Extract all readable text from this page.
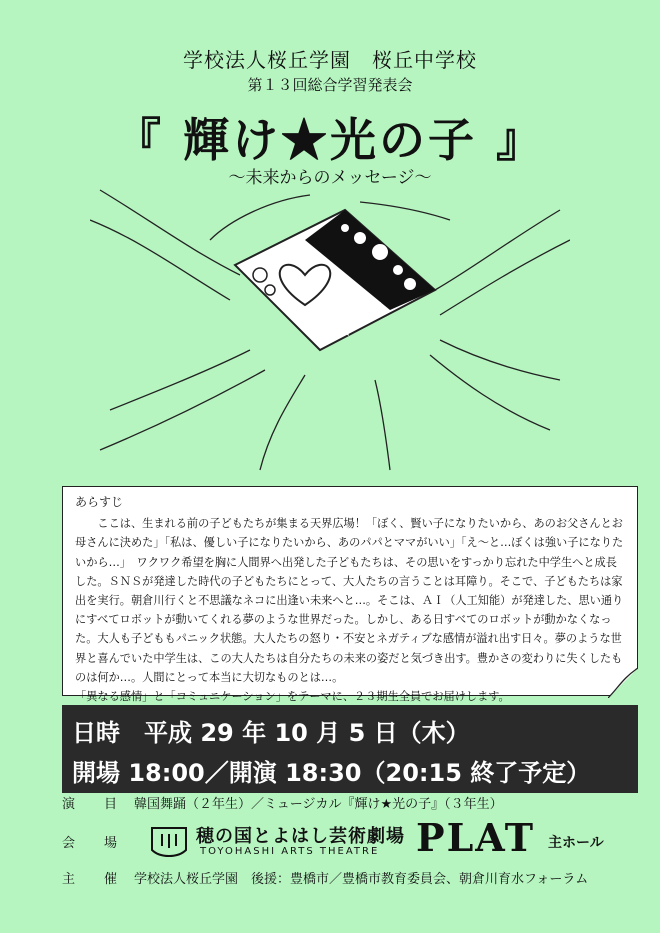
学校法人桜丘学園　桜丘中学校
第１３回総合学習発表会
『 輝け★光の子 』
～未来からのメッセージ～

あらすじ

ここは、生まれる前の子どもたちが集まる天界広場！「ぼく、賢い子になりたいから、あのお父さんとお母さんに決めた」「私は、優しい子になりたいから、あのパパとママがいい」「え～と…ぼくは強い子になりたいから…」　ワクワク希望を胸に人間界へ出発した子どもたちは、その思いをすっかり忘れた中学生へと成長した。ＳＮＳが発達した時代の子どもたちにとって、大人たちの言うことは耳障り。そこで、子どもたちは家出を実行。朝倉川行くと不思議なネコに出逢い未来へと…。そこは、ＡＩ（人工知能）が発達した、思い通りにすべてロボットが動いてくれる夢のような世界だった。しかし、ある日すべてのロボットが動かなくなった。大人も子どももパニック状態。大人たちの怒り・不安とネガティブな感情が溢れ出す日々。夢のような世界と喜んでいた中学生は、この大人たちは自分たちの未来の姿だと気づき出す。豊かさの変わりに失くしたものは何か…。人間にとって本当に大切なものとは…。

「異なる感情」と「コミュニケーション」をテーマに、２３期生全員でお届けします。

日時　平成 29 年 10 月 5 日（木）
開場 18:00／開演 18:30（20:15 終了予定）
演　目 韓国舞踊（２年生）／ミュージカル『輝け★光の子』（３年生）
会　場	穂の国とよはし芸術劇場
TOYOHASHI ARTS THEATRE PLAT 主ホール
主　催 学校法人桜丘学園　後援：豊橋市／豊橋市教育委員会、朝倉川育水フォーラム
